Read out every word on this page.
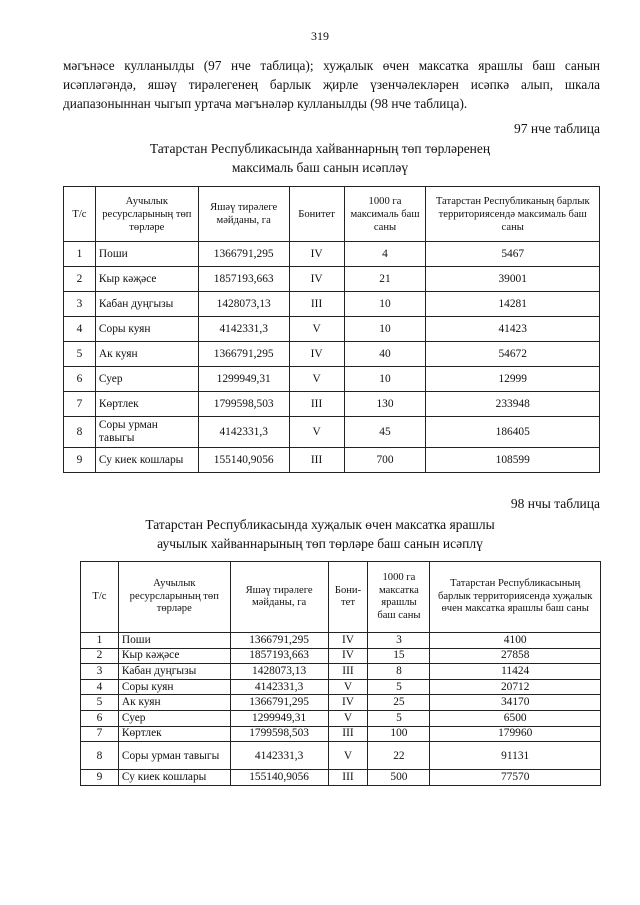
319

мәгънәсе кулланылды (97 нче таблица); хуҗалык өчен максатка ярашлы баш санын исәпләгәндә, яшәү тирәлегенең барлык җирле үзенчәлекләрен исәпкә алып, шкала диапазоныннан чыгып уртача мәгънәләр кулланылды (98 нче таблица).

97 нче таблица
Татарстан Республикасында хайваннарның төп төрләренең
максималь баш санын исәпләү
Т/с	Аучылык ресурсларының төп төрләре	Яшәү тирәлеге мәйданы, га	Бонитет	1000 га максималь баш саны	Татарстан Республиканың барлык территориясендә максималь баш саны
1	Поши	1366791,295	IV	4	5467
2	Кыр кәҗәсе	1857193,663	IV	21	39001
3	Кабан дуңгызы	1428073,13	III	10	14281
4	Соры куян	4142331,3	V	10	41423
5	Ак куян	1366791,295	IV	40	54672
6	Суер	1299949,31	V	10	12999
7	Көртлек	1799598,503	III	130	233948
8	Соры урман тавыгы	4142331,3	V	45	186405
9	Су киек кошлары	155140,9056	III	700	108599
98 нчы таблица
Татарстан Республикасында хуҗалык өчен максатка ярашлы
аучылык хайваннарының төп төрләре баш санын исәплү
Т/с	Аучылык ресурсларының төп төрләре	Яшәү тирәлеге мәйданы, га	Бони-тет	1000 га максатка ярашлы баш саны	Татарстан Республикасының барлык территориясендә хуҗалык өчен максатка ярашлы баш саны
1	Поши	1366791,295	IV	3	4100
2	Кыр кәҗәсе	1857193,663	IV	15	27858
3	Кабан дуңгызы	1428073,13	III	8	11424
4	Соры куян	4142331,3	V	5	20712
5	Ак куян	1366791,295	IV	25	34170
6	Суер	1299949,31	V	5	6500
7	Көртлек	1799598,503	III	100	179960
8	Соры урман тавыгы	4142331,3	V	22	91131
9	Су киек кошлары	155140,9056	III	500	77570
